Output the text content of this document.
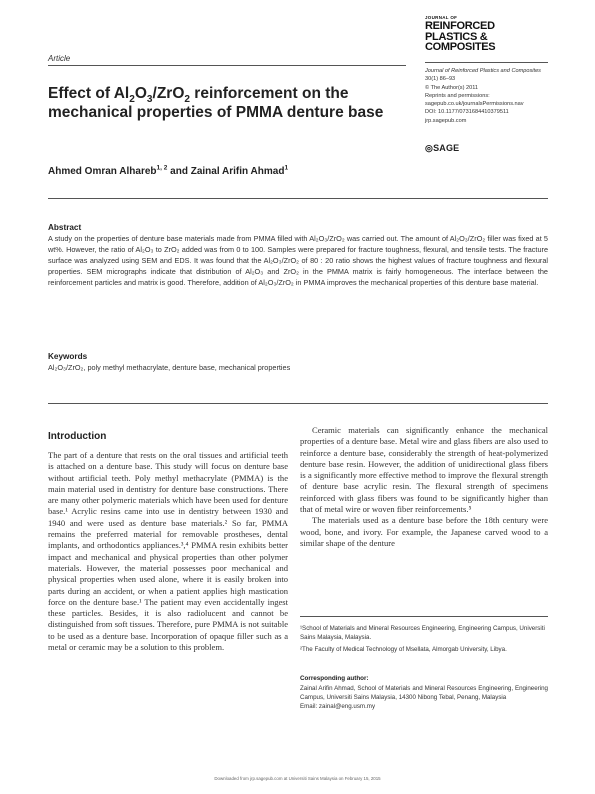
Article
JOURNAL OF
REINFORCED
PLASTICS &
COMPOSITES
Journal of Reinforced Plastics and Composites
30(1) 86–93
© The Author(s) 2011
Reprints and permissions:
sagepub.co.uk/journalsPermissions.nav
DOI: 10.1177/0731684410379511
jrp.sagepub.com
◎SAGE
Effect of $Al_2O_3/ZrO_2$ reinforcement on the mechanical properties of PMMA denture base
Ahmed Omran Alhareb$^{1, 2}$ and Zainal Arifin Ahmad$^1$
Abstract
A study on the properties of denture base materials made from PMMA filled with Al₂O₃/ZrO₂ was carried out. The amount of Al₂O₃/ZrO₂ filler was fixed at 5 wt%. However, the ratio of Al₂O₃ to ZrO₂ added was from 0 to 100. Samples were prepared for fracture toughness, flexural, and tensile tests. The fracture surface was analyzed using SEM and EDS. It was found that the Al₂O₃/ZrO₂ of 80 : 20 ratio shows the highest values of fracture toughness and flexural properties. SEM micrographs indicate that distribution of Al₂O₃ and ZrO₂ in the PMMA matrix is fairly homogeneous. The interface between the reinforcement particles and matrix is good. Therefore, addition of Al₂O₃/ZrO₂ in PMMA improves the mechanical properties of this denture base material.
Keywords
Al₂O₃/ZrO₂, poly methyl methacrylate, denture base, mechanical properties
Introduction

The part of a denture that rests on the oral tissues and artificial teeth is attached on a denture base. This study will focus on denture base without artificial teeth. Poly methyl methacrylate (PMMA) is the main material used in dentistry for denture base constructions. There are many other polymeric materials which have been used for denture base.¹ Acrylic resins came into use in dentistry between 1930 and 1940 and were used as denture base materials.² So far, PMMA remains the preferred material for removable prostheses, dental implants, and orthodontics appliances.³,⁴ PMMA resin exhibits better impact and mechanical and physical properties than other polymer materials. However, the material possesses poor mechanical and physical properties when used alone, where it is easily broken into parts during an accident, or when a patient applies high mastication force on the denture base.¹ The patient may even accidentally ingest these particles. Besides, it is also radiolucent and cannot be distinguished from soft tissues. Therefore, pure PMMA is not suitable to be used as a denture base. Incorporation of opaque filler such as a metal or ceramic may be a solution to this problem.

Ceramic materials can significantly enhance the mechanical properties of a denture base. Metal wire and glass fibers are also used to reinforce a denture base, considerably the strength of heat-polymerized denture base resin. However, the addition of unidirectional glass fibers is a significantly more effective method to improve the flexural strength of denture base acrylic resin. The flexural strength of specimens reinforced with glass fibers was found to be significantly higher than that of metal wire or woven fiber reinforcements.⁵

The materials used as a denture base before the 18th century were wood, bone, and ivory. For example, the Japanese carved wood to a similar shape of the denture

¹School of Materials and Mineral Resources Engineering, Engineering Campus, Universiti Sains Malaysia, Malaysia.

²The Faculty of Medical Technology of Msellata, Almorgab University, Libya.

Corresponding author:
Zainal Arifin Ahmad, School of Materials and Mineral Resources Engineering, Engineering Campus, Universiti Sains Malaysia, 14300 Nibong Tebal, Penang, Malaysia
Email: zainal@eng.usm.my
Downloaded from jrp.sagepub.com at Universiti Sains Malaysia on February 15, 2015
